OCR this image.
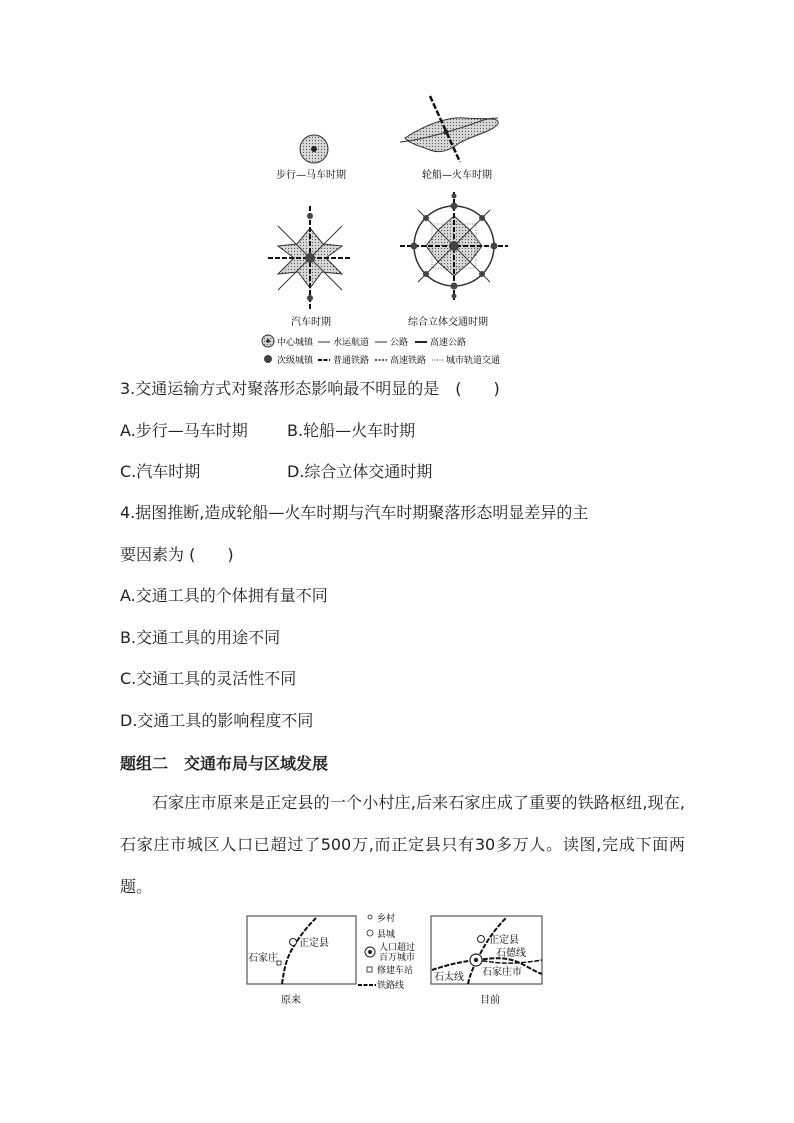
步行—马车时期	轮船—火车时期
汽车时期	综合立体交通时期
中心城镇 水运航道 公路 高速公路
次级城镇 普通铁路 高速铁路 城市轨道交通
3.交通运输方式对聚落形态影响最不明显的是　(　　)
A.步行—马车时期 B.轮船—火车时期
C.汽车时期	D.综合立体交通时期
4.据图推断,造成轮船—火车时期与汽车时期聚落形态明显差异的主
要因素为 (　　)
A.交通工具的个体拥有量不同
B.交通工具的用途不同
C.交通工具的灵活性不同
D.交通工具的影响程度不同
题组二　交通布局与区域发展
石家庄市原来是正定县的一个小村庄,后来石家庄成了重要的铁路枢纽,现在,石家庄市城区人口已超过了500万,而正定县只有30多万人。读图,完成下面两题。
正定县
石家庄
原来
乡村
县城
人口超过
百万城市
修建车站
铁路线
正定县
石德线
石太线 石家庄市
目前
